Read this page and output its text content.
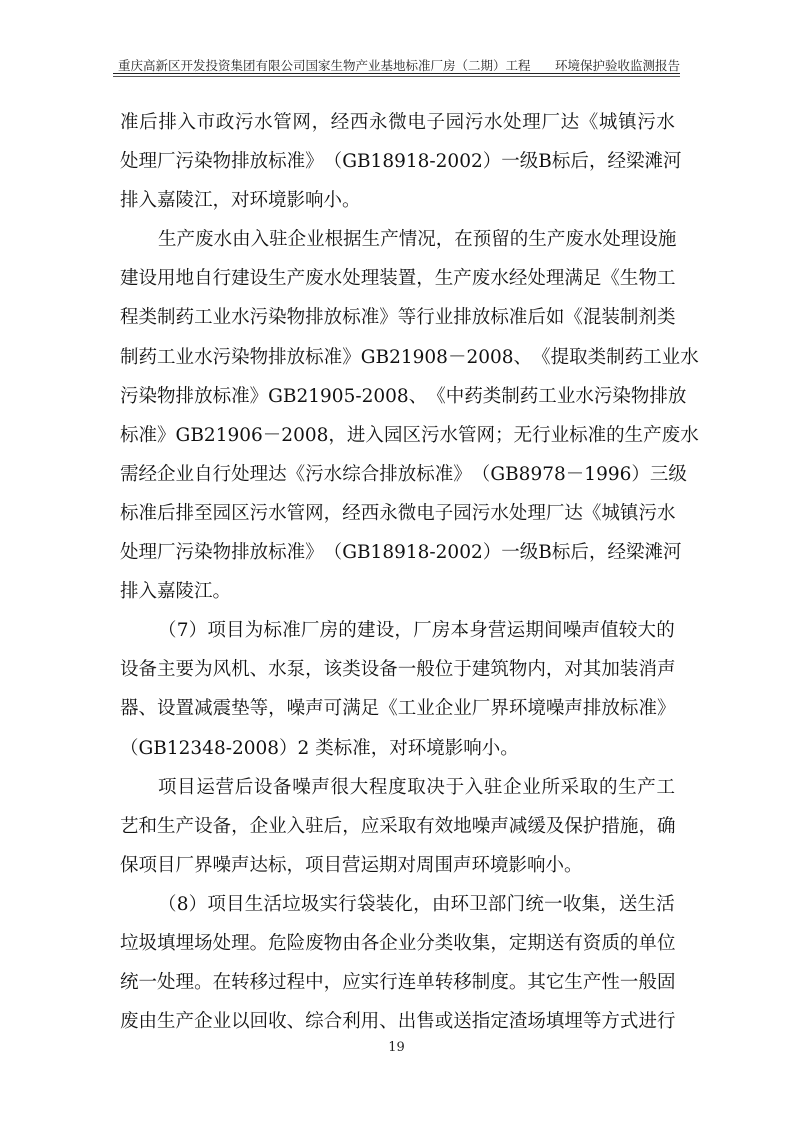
重庆高新区开发投资集团有限公司国家生物产业基地标准厂房（二期）工程 环境保护验收监测报告
准 后 排 入 市 政 污 水 管 网 ， 经 西 永 微 电 子 园 污 水 处 理 厂 达 《 城 镇 污 水
处 理 厂 污 染 物 排 放 标 准 》 （ GB18918-2002 ） 一 级 B 标 后 ， 经 梁 滩 河
排入嘉陵江，对环境影响小。
生 产 废 水 由 入 驻 企 业 根 据 生 产 情 况 ， 在 预 留 的 生 产 废 水 处 理 设 施
建 设 用 地 自 行 建 设 生 产 废 水 处 理 装 置 ， 生 产 废 水 经 处 理 满 足 《 生 物 工
程 类 制 药 工 业 水 污 染 物 排 放 标 准 》 等 行 业 排 放 标 准 后 如 《 混 装 制 剂 类
制 药 工 业 水 污 染 物 排 放 标 准 》 GB21908 － 2008 、 《 提 取 类 制 药 工 业 水
污 染 物 排 放 标 准 》 GB21905-2008 、 《 中 药 类 制 药 工 业 水 污 染 物 排 放
标 准 》 GB 21906 － 2008 ， 进 入 园 区 污 水 管 网 ； 无 行 业 标 准 的 生 产 废 水
需 经 企 业 自 行 处 理 达 《 污 水 综 合 排 放 标 准 》 （ GB8978 － 1996 ） 三 级
标 准 后 排 至 园 区 污 水 管 网 ， 经 西 永 微 电 子 园 污 水 处 理 厂 达 《 城 镇 污 水
处 理 厂 污 染 物 排 放 标 准 》 （ GB18918-2002 ） 一 级 B 标 后 ， 经 梁 滩 河
排入嘉陵江。
（ 7 ） 项 目 为 标 准 厂 房 的 建 设 ， 厂 房 本 身 营 运 期 间 噪 声 值 较 大 的
设 备 主 要 为 风 机 、 水 泵 ， 该 类 设 备 一 般 位 于 建 筑 物 内 ， 对 其 加 装 消 声
器 、 设 置 减 震 垫 等 ， 噪 声 可 满 足 《 工 业 企 业 厂 界 环 境 噪 声 排 放 标 准 》
（GB12348-2008）2 类标准，对环境影响小。
项 目 运 营 后 设 备 噪 声 很 大 程 度 取 决 于 入 驻 企 业 所 采 取 的 生 产 工
艺 和 生 产 设 备 ， 企 业 入 驻 后 ， 应 采 取 有 效 地 噪 声 减 缓 及 保 护 措 施 ， 确
保项目厂界噪声达标，项目营运期对周围声环境影响小。
（ 8 ） 项 目 生 活 垃 圾 实 行 袋 装 化 ， 由 环 卫 部 门 统 一 收 集 ， 送 生 活
垃 圾 填 埋 场 处 理 。 危 险 废 物 由 各 企 业 分 类 收 集 ， 定 期 送 有 资 质 的 单 位
统 一 处 理 。 在 转 移 过 程 中 ， 应 实 行 连 单 转 移 制 度 。 其 它 生 产 性 一 般 固
废 由 生 产 企 业 以 回 收 、 综 合 利 用 、 出 售 或 送 指 定 渣 场 填 埋 等 方 式 进 行
19
